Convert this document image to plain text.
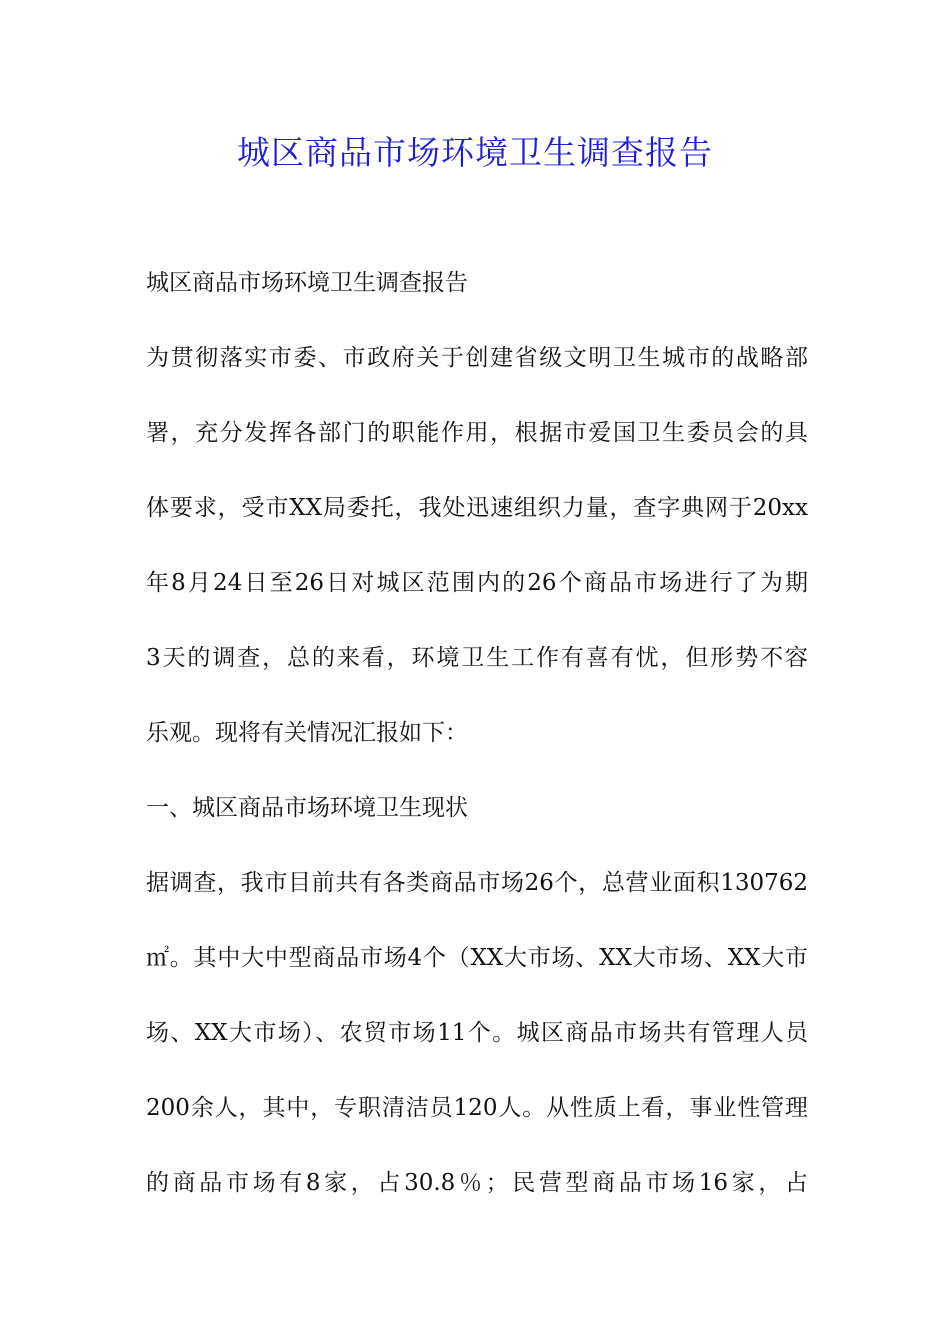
城区商品市场环境卫生调查报告

城区商品市场环境卫生调查报告

为贯彻落实市委、市政府关于创建省级文明卫生城市的战略部
署，充分发挥各部门的职能作用，根据市爱国卫生委员会的具
体要求，受市XX局委托，我处迅速组织力量，查字典网于20xx
年8月24日至26日对城区范围内的26个商品市场进行了为期
3天的调查，总的来看，环境卫生工作有喜有忧，但形势不容
乐观。现将有关情况汇报如下：

一、城区商品市场环境卫生现状

据调查，我市目前共有各类商品市场26个，总营业面积130762
㎡。其中大中型商品市场4个（XX大市场、XX大市场、XX大市
场、XX大市场）、农贸市场11个。城区商品市场共有管理人员
200余人，其中，专职清洁员120人。从性质上看，事业性管理
的商品市场有8家，占30.8％；民营型商品市场16家，占
